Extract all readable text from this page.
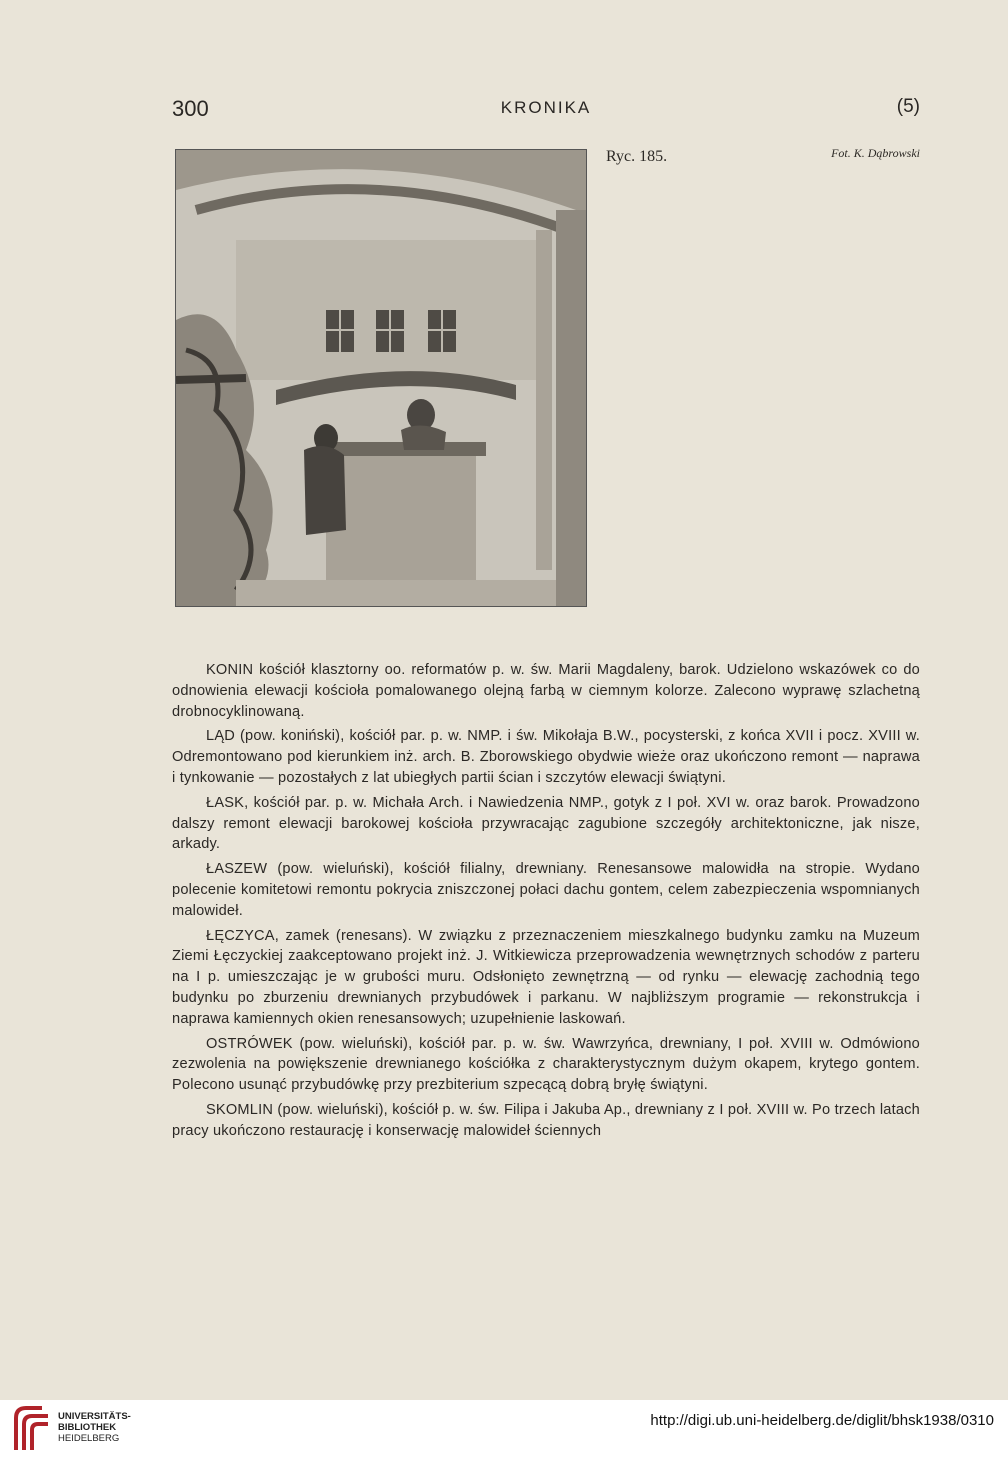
300	KRONIKA	(5)
Ryc. 185.	Fot. K. Dąbrowski

KONIN kościół klasztorny oo. reformatów p. w. św. Marii Magdaleny, barok. Udzielono wskazówek co do odnowienia elewacji kościoła pomalowanego olejną farbą w ciemnym kolorze. Zalecono wyprawę szlachetną drobnocyklinowaną.

LĄD (pow. koniński), kościół par. p. w. NMP. i św. Mikołaja B.W., pocysterski, z końca XVII i pocz. XVIII w. Odremontowano pod kierunkiem inż. arch. B. Zborowskiego obydwie wieże oraz ukończono remont — naprawa i tynkowanie — pozostałych z lat ubiegłych partii ścian i szczytów elewacji świątyni.

ŁASK, kościół par. p. w. Michała Arch. i Nawiedzenia NMP., gotyk z I poł. XVI w. oraz barok. Prowadzono dalszy remont elewacji barokowej kościoła przywracając zagubione szczegóły architektoniczne, jak nisze, arkady.

ŁASZEW (pow. wieluński), kościół filialny, drewniany. Renesansowe malowidła na stropie. Wydano polecenie komitetowi remontu pokrycia zniszczonej połaci dachu gontem, celem zabezpieczenia wspomnianych malowideł.

ŁĘCZYCA, zamek (renesans). W związku z przeznaczeniem mieszkalnego budynku zamku na Muzeum Ziemi Łęczyckiej zaakceptowano projekt inż. J. Witkiewicza przeprowadzenia wewnętrznych schodów z parteru na I p. umieszczając je w grubości muru. Odsłonięto zewnętrzną — od rynku — elewację zachodnią tego budynku po zburzeniu drewnianych przybudówek i parkanu. W najbliższym programie — rekonstrukcja i naprawa kamiennych okien renesansowych; uzupełnienie laskowań.

OSTRÓWEK (pow. wieluński), kościół par. p. w. św. Wawrzyńca, drewniany, I poł. XVIII w. Odmówiono zezwolenia na powiększenie drewnianego kościółka z charakterystycznym dużym okapem, krytego gontem. Polecono usunąć przybudówkę przy prezbiterium szpecącą dobrą bryłę świątyni.

SKOMLIN (pow. wieluński), kościół p. w. św. Filipa i Jakuba Ap., drewniany z I poł. XVIII w. Po trzech latach pracy ukończono restaurację i konserwację malowideł ściennych

UNIVERSITÄTS-
BIBLIOTHEK
HEIDELBERG
http://digi.ub.uni-heidelberg.de/diglit/bhsk1938/0310
